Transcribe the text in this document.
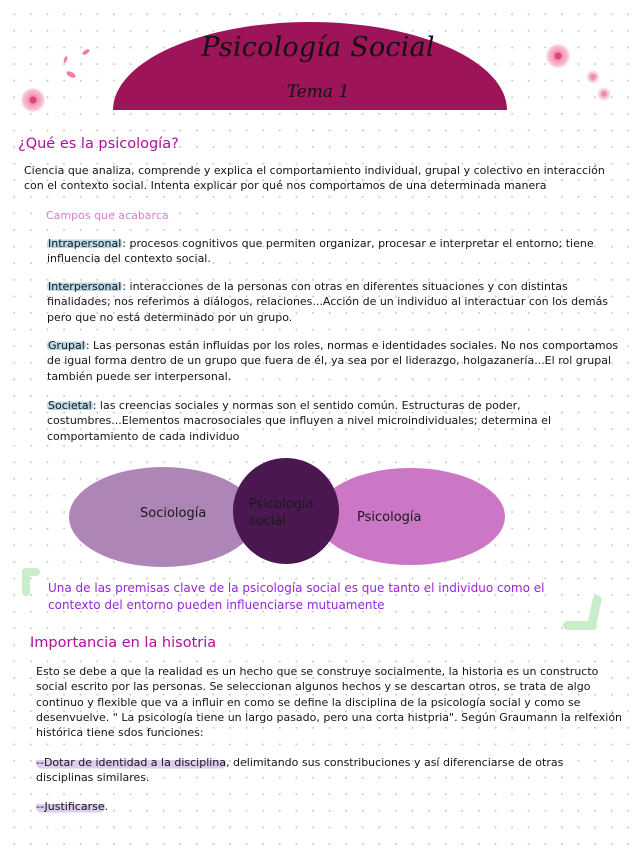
Psicología Social
Tema 1
¿Qué es la psicología?
Ciencia que analiza, comprende y explica el comportamiento individual, grupal y colectivo en interacción
con el contexto social. Intenta explicar por qué nos comportamos de una determinada manera
Campos que acabarca
Intrapersonal: procesos cognitivos que permiten organizar, procesar e interpretar el entorno; tiene
influencia del contexto social.
Interpersonal: interacciones de la personas con otras en diferentes situaciones y con distintas
finalidades; nos referimos a diálogos, relaciones...Acción de un individuo al interactuar con los demás
pero que no está determinado por un grupo.
Grupal: Las personas están influidas por los roles, normas e identidades sociales. No nos comportamos
de igual forma dentro de un grupo que fuera de él, ya sea por el liderazgo, holgazanería...El rol grupal
también puede ser interpersonal.
Societal: las creencias sociales y normas son el sentido común. Estructuras de poder,
costumbres...Elementos macrosociales que influyen a nivel microindividuales; determina el
comportamiento de cada individuo
Sociología
Psicología
social	Psicología
Una de las premisas clave de la psicología social es que tanto el individuo como el
contexto del entorno pueden influenciarse mutuamente
Importancia en la hisotria
Esto se debe a que la realidad es un hecho que se construye socialmente, la historia es un constructo
social escrito por las personas. Se seleccionan algunos hechos y se descartan otros, se trata de algo
continuo y flexible que va a influir en como se define la disciplina de la psicología social y como se
desenvuelve. " La psicología tiene un largo pasado, pero una corta histpria". Según Graumann la relfexión
histórica tiene sdos funciones:
--Dotar de identidad a la disciplina, delimitando sus constribuciones y así diferenciarse de otras
disciplinas similares.
--Justificarse.
